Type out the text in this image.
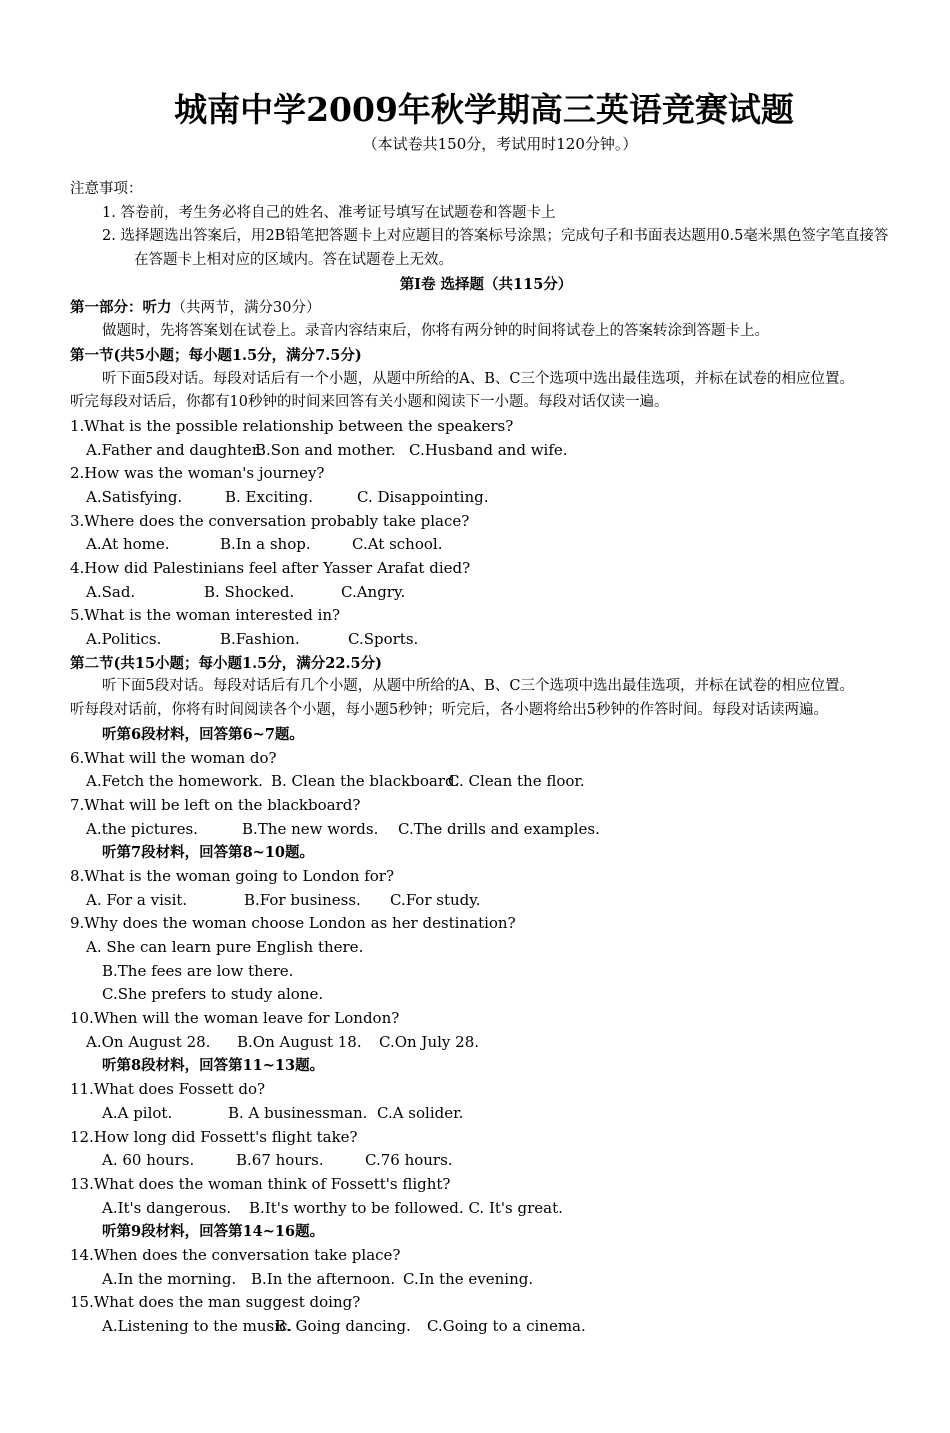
城南中学2009年秋学期高三英语竞赛试题
（本试卷共150分，考试用时120分钟。）
注意事项：
1. 答卷前，考生务必将自己的姓名、准考证号填写在试题卷和答题卡上
2. 选择题选出答案后，用2B铅笔把答题卡上对应题目的答案标号涂黑；完成句子和书面表达题用0.5毫米黑色签字笔直接答在答题卡上相对应的区域内。答在试题卷上无效。
第Ⅰ卷 选择题（共115分）
第一部分：听力（共两节，满分30分）
做题时，先将答案划在试卷上。录音内容结束后，你将有两分钟的时间将试卷上的答案转涂到答题卡上。
第一节(共5小题；每小题1.5分，满分7.5分)
听下面5段对话。每段对话后有一个小题，从题中所给的A、B、C三个选项中选出最佳选项，并标在试卷的相应位置。
听完每段对话后，你都有10秒钟的时间来回答有关小题和阅读下一小题。每段对话仅读一遍。
1.What is the possible relationship between the speakers?
A.Father and daughter.B.Son and mother. C.Husband and wife.
2.How was the woman's journey?
A.Satisfying.	B. Exciting.	C. Disappointing.
3.Where does the conversation probably take place?
A.At home.	B.In a shop.	C.At school.
4.How did Palestinians feel after Yasser Arafat died?
A.Sad.	B. Shocked.	C.Angry.
5.What is the woman interested in?
A.Politics.	B.Fashion.	C.Sports.
第二节(共15小题；每小题1.5分，满分22.5分)
听下面5段对话。每段对话后有几个小题，从题中所给的A、B、C三个选项中选出最佳选项，并标在试卷的相应位置。
听每段对话前，你将有时间阅读各个小题，每小题5秒钟；听完后，各小题将给出5秒钟的作答时间。每段对话读两遍。
听第6段材料，回答第6~7题。
6.What will the woman do?
A.Fetch the homework. B. Clean the blackboard.C. Clean the floor.
7.What will be left on the blackboard?
A.the pictures.	B.The new words. C.The drills and examples.
听第7段材料，回答第8~10题。
8.What is the woman going to London for?
A. For a visit.	B.For business. C.For study.
9.Why does the woman choose London as her destination?
A. She can learn pure English there.
B.The fees are low there.
C.She prefers to study alone.
10.When will the woman leave for London?
A.On August 28. B.On August 18. C.On July 28.
听第8段材料，回答第11~13题。
11.What does Fossett do?
A.A pilot.	B. A businessman. C.A solider.
12.How long did Fossett's flight take?
A. 60 hours.	B.67 hours.	C.76 hours.
13.What does the woman think of Fossett's flight?
A.It's dangerous. B.It's worthy to be followed. C. It's great.
听第9段材料，回答第14~16题。
14.When does the conversation take place?
A.In the morning. B.In the afternoon. C.In the evening.
15.What does the man suggest doing?
A.Listening to the music.B. Going dancing. C.Going to a cinema.
